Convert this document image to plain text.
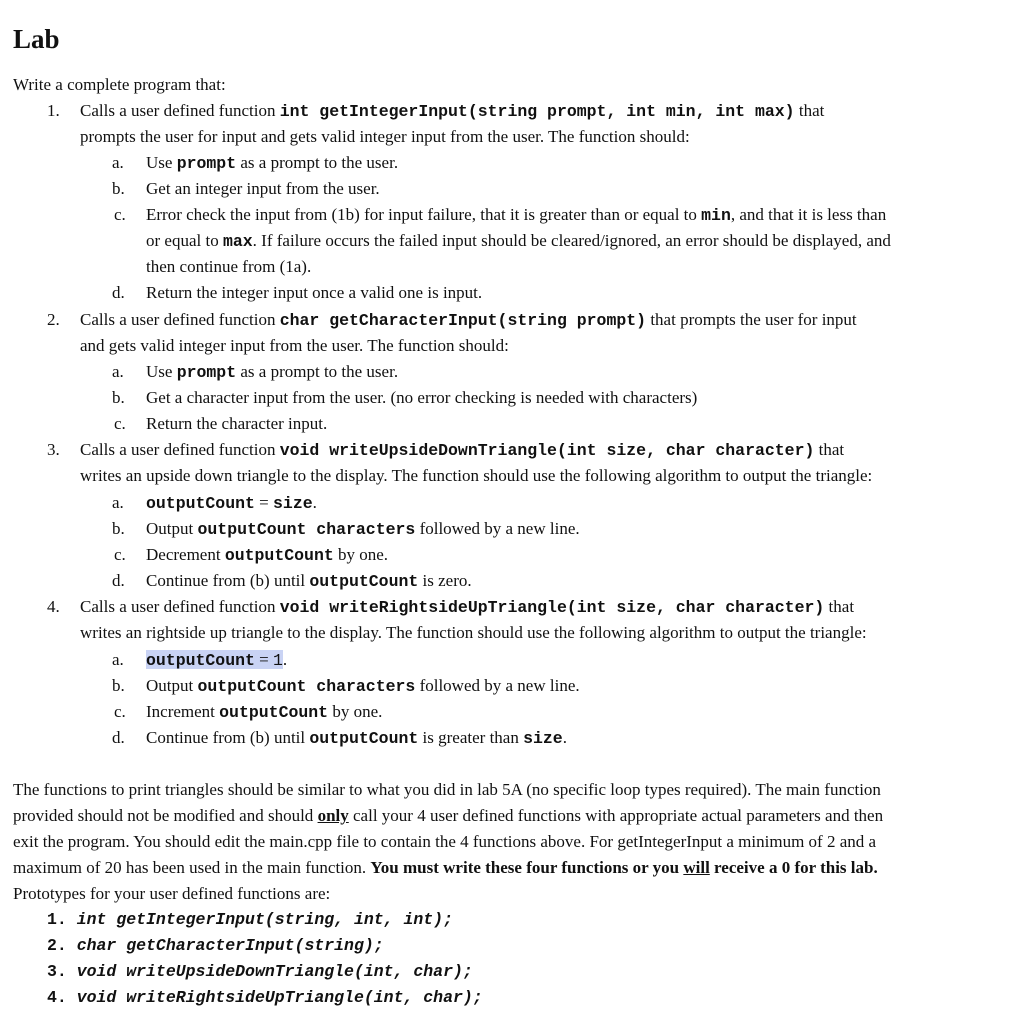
Lab
Write a complete program that:
1. Calls a user defined function int getIntegerInput(string prompt, int min, int max) that
prompts the user for input and gets valid integer input from the user. The function should:
a. Use prompt as a prompt to the user.
b. Get an integer input from the user.
c. Error check the input from (1b) for input failure, that it is greater than or equal to min, and that it is less than
or equal to max. If failure occurs the failed input should be cleared/ignored, an error should be displayed, and
then continue from (1a).
d. Return the integer input once a valid one is input.
2. Calls a user defined function char getCharacterInput(string prompt) that prompts the user for input
and gets valid integer input from the user. The function should:
a. Use prompt as a prompt to the user.
b. Get a character input from the user. (no error checking is needed with characters)
c. Return the character input.
3. Calls a user defined function void writeUpsideDownTriangle(int size, char character) that
writes an upside down triangle to the display. The function should use the following algorithm to output the triangle:
a. outputCount = size.
b. Output outputCount characters followed by a new line.
c. Decrement outputCount by one.
d. Continue from (b) until outputCount is zero.
4. Calls a user defined function void writeRightsideUpTriangle(int size, char character) that
writes an rightside up triangle to the display. The function should use the following algorithm to output the triangle:
a. outputCount = 1.
b. Output outputCount characters followed by a new line.
c. Increment outputCount by one.
d. Continue from (b) until outputCount is greater than size.
The functions to print triangles should be similar to what you did in lab 5A (no specific loop types required). The main function
provided should not be modified and should only call your 4 user defined functions with appropriate actual parameters and then
exit the program. You should edit the main.cpp file to contain the 4 functions above. For getIntegerInput a minimum of 2 and a
maximum of 20 has been used in the main function. You must write these four functions or you will receive a 0 for this lab.
Prototypes for your user defined functions are:
1. int getIntegerInput(string, int, int);
2. char getCharacterInput(string);
3. void writeUpsideDownTriangle(int, char);
4. void writeRightsideUpTriangle(int, char);
